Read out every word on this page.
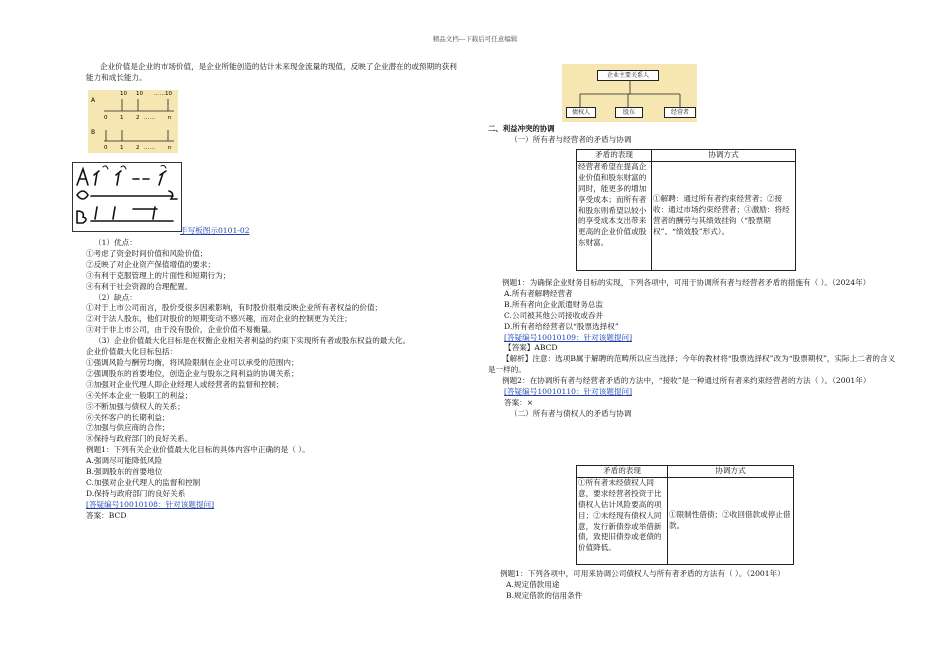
精品文档---下载后可任意编辑
企业价值是企业的市场价值，是企业所能创造的估计未来现金流量的现值，反映了企业潜在的或预期的获利能力和成长能力。
A
10 10 ……10
0 1 2 …… n
B
0 1 2 …… n
手写板图示0101-02
（1）优点：
①考虑了资金时间价值和风险价值；
②反映了对企业资产保值增值的要求；
③有利于克服管理上的片面性和短期行为；
④有利于社会资源的合理配置。
（2）缺点：
①对于上市公司而言，股价受很多因素影响，有时股价很难反映企业所有者权益的价值；
②对于法人股东，他们对股价的短期变动不感兴趣，而对企业的控制更为关注；
③对于非上市公司，由于没有股价，企业价值不易衡量。
（3）企业价值最大化目标是在权衡企业相关者利益的约束下实现所有者或股东权益的最大化。
企业价值最大化目标包括：
①强调风险与酬劳均衡，将风险限制在企业可以承受的范围内；
②强调股东的首要地位，创造企业与股东之间利益的协调关系；
③加强对企业代理人即企业经理人或经营者的监督和控制；
④关怀本企业一般职工的利益；
⑤不断加强与债权人的关系；
⑥关怀客户的长期利益；
⑦加强与供应商的合作；
⑧保持与政府部门的良好关系。
例题1：下列有关企业价值最大化目标的具体内容中正确的是（ ）。
A.强调尽可能降低风险
B.强调股东的首要地位
C.加强对企业代理人的监督和控制
D.保持与政府部门的良好关系
[答疑编号10010108：针对该题提问]
答案：BCD
企业主要关系人
债权人	股东	经营者
二、利益冲突的协调
（一）所有者与经营者的矛盾与协调
矛盾的表现	协调方式
经营者希望在提高企业价值和股东财富的同时，能更多的增加享受成本；而所有者和股东则希望以较小的享受成本支出带来更高的企业价值或股东财富。	①解聘：通过所有者约束经营者；②接收：通过市场约束经营者；③激励：将经营者的酬劳与其绩效挂钩（“股票期权”、“绩效股”形式）。
例题1：为确保企业财务目标的实现，下列各项中，可用于协调所有者与经营者矛盾的措施有（ ）。（2024年）
A.所有者解聘经营者
B.所有者向企业派遣财务总监
C.公司被其他公司接收或吞并
D.所有者给经营者以“股票选择权”
[答疑编号10010109：针对该题提问]
【答案】ABCD
【解析】注意：选项B属于解聘的范畴所以应当选择；今年的教材将“股票选择权”改为“股票期权”，实际上二者的含义是一样的。
例题2：在协调所有者与经营者矛盾的方法中，“接收”是一种通过所有者来约束经营者的方法（ ）。（2001年）
[答疑编号10010110：针对该题提问]
答案：×
（二）所有者与债权人的矛盾与协调
矛盾的表现	协调方式
①所有者未经债权人同意，要求经营者投资于比债权人估计风险要高的项目；②未经现有债权人同意，发行新债券或举借新债，致使旧债券或老债的价值降低。	①限制性借债；②收回借款或停止借款。
例题1：下列各项中，可用来协调公司债权人与所有者矛盾的方法有（ ）。（2001年）
A.规定借款用途
B.规定借款的信用条件
